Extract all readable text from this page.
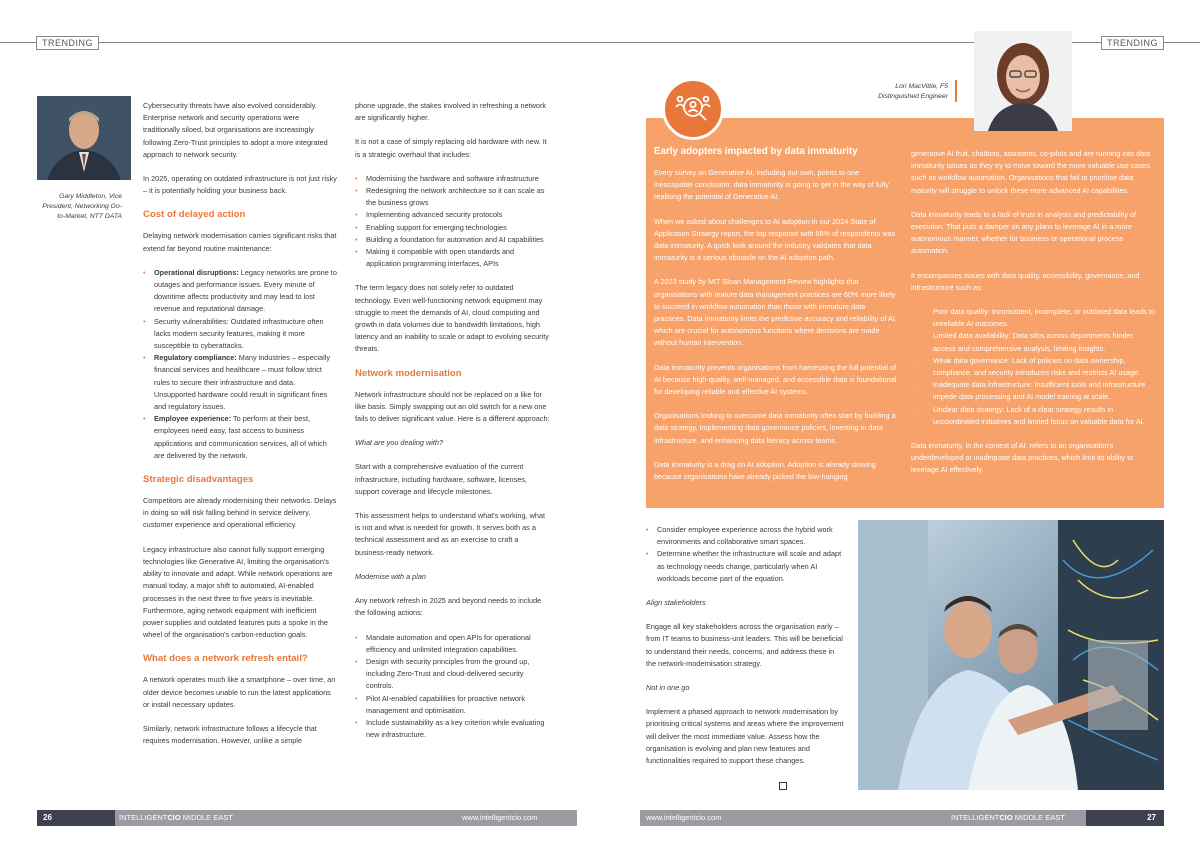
TRENDING	TRENDING
Gary Middleton, Vice President, Networking Go-to-Market, NTT DATA

Cybersecurity threats have also evolved considerably. Enterprise network and security operations were traditionally siloed, but organisations are increasingly following Zero-Trust principles to adopt a more integrated approach to network security.

In 2025, operating on outdated infrastructure is not just risky – it is potentially holding your business back.

Cost of delayed action

Delaying network modernisation carries significant risks that extend far beyond routine maintenance:

• Operational disruptions: Legacy networks are prone to outages and performance issues. Every minute of downtime affects productivity and may lead to lost revenue and reputational damage.
• Security vulnerabilities: Outdated infrastructure often lacks modern security features, making it more susceptible to cyberattacks.
• Regulatory compliance: Many industries – especially financial services and healthcare – must follow strict rules to secure their infrastructure and data. Unsupported hardware could result in significant fines and regulatory issues.
• Employee experience: To perform at their best, employees need easy, fast access to business applications and communication services, all of which are delivered by the network.

Strategic disadvantages

Competitors are already modernising their networks. Delays in doing so will risk falling behind in service delivery, customer experience and operational efficiency.

Legacy infrastructure also cannot fully support emerging technologies like Generative AI, limiting the organisation's ability to innovate and adapt. While network operations are manual today, a major shift to automated, AI-enabled processes in the next three to five years is inevitable. Furthermore, aging network equipment with inefficient power supplies and outdated features puts a spoke in the wheel of the organisation's carbon-reduction goals.

What does a network refresh entail?

A network operates much like a smartphone – over time, an older device becomes unable to run the latest applications or install necessary updates.

Similarly, network infrastructure follows a lifecycle that requires modernisation. However, unlike a simple

phone upgrade, the stakes involved in refreshing a network are significantly higher.

It is not a case of simply replacing old hardware with new. It is a strategic overhaul that includes:

• Modernising the hardware and software infrastructure
• Redesigning the network architecture so it can scale as the business grows
• Implementing advanced security protocols
• Enabling support for emerging technologies
• Building a foundation for automation and AI capabilities
• Making it compatible with open standards and application programming interfaces, APIs

The term legacy does not solely refer to outdated technology. Even well-functioning network equipment may struggle to meet the demands of AI, cloud computing and growth in data volumes due to bandwidth limitations, high latency and an inability to scale or adapt to evolving security threats.

Network modernisation

Network infrastructure should not be replaced on a like for like basis. Simply swapping out an old switch for a new one fails to deliver significant value. Here is a different approach:

What are you dealing with?

Start with a comprehensive evaluation of the current infrastructure, including hardware, software, licenses, support coverage and lifecycle milestones.

This assessment helps to understand what's working, what is not and what is needed for growth. It serves both as a technical assessment and as an exercise to craft a business-ready network.

Modernise with a plan

Any network refresh in 2025 and beyond needs to include the following actions:

• Mandate automation and open APIs for operational efficiency and unlimited integration capabilities.
• Design with security principles from the ground up, including Zero-Trust and cloud-delivered security controls.
• Pilot AI-enabled capabilities for proactive network management and optimisation.
• Include sustainability as a key criterion while evaluating new infrastructure.

Early adopters impacted by data immaturity

Every survey on Generative AI, including our own, points to one inescapable conclusion: data immaturity is going to get in the way of fully realising the potential of Generative AI.

When we asked about challenges to AI adoption in our 2024 State of Application Strategy report, the top response with 56% of respondents was data immaturity. A quick look around the industry validates that data immaturity is a serious obstacle on the AI adoption path.

A 2023 study by MIT Sloan Management Review highlights that organisations with mature data management practices are 60% more likely to succeed in workflow automation than those with immature data practices. Data immaturity limits the predictive accuracy and reliability of AI, which are crucial for autonomous functions where decisions are made without human intervention.

Data immaturity prevents organisations from harnessing the full potential of AI because high-quality, well-managed, and accessible data is foundational for developing reliable and effective AI systems.

Organisations looking to overcome data immaturity often start by building a data strategy, implementing data governance policies, investing in data infrastructure, and enhancing data literacy across teams.

Data immaturity is a drag on AI adoption. Adoption is already slowing because organisations have already picked the low-hanging

generative AI fruit, chatbots, assistants, co-pilots and are running into data immaturity issues as they try to move toward the more valuable use cases such as workflow automation. Organisations that fail to prioritise data maturity will struggle to unlock these more advanced AI capabilities.

Data immaturity leads to a lack of trust in analysis and predictability of execution. That puts a damper on any plans to leverage AI in a more autonomous manner, whether for business or operational process automation.

It encompasses issues with data quality, accessibility, governance, and infrastructure such as:

· Poor data quality: Inconsistent, incomplete, or outdated data leads to unreliable AI outcomes.
· Limited data availability: Data silos across departments hinder access and comprehensive analysis, limiting insights.
· Weak data governance: Lack of policies on data ownership, compliance, and security introduces risks and restricts AI usage.
· Inadequate data infrastructure: Insufficient tools and infrastructure impede data processing and AI model training at scale.
· Unclear data strategy: Lack of a clear strategy results in uncoordinated initiatives and limited focus on valuable data for AI.

Data immaturity, in the context of AI, refers to an organisation's underdeveloped or inadequate data practices, which limit its ability to leverage AI effectively.

Lori MacVittie, F5
Distinguished Engineer
• Consider employee experience across the hybrid work environments and collaborative smart spaces.
• Determine whether the infrastructure will scale and adapt as technology needs change, particularly when AI workloads become part of the equation.

Align stakeholders

Engage all key stakeholders across the organisation early – from IT teams to business-unit leaders. This will be beneficial to understand their needs, concerns, and address these in the network-modernisation strategy.

Not in one go

Implement a phased approach to network modernisation by prioritising critical systems and areas where the improvement will deliver the most immediate value. Assess how the organisation is evolving and plan new features and functionalities required to support these changes.

26	INTELLIGENTCIO MIDDLE EAST	www.intelligentcio.com	www.intelligentcio.com	INTELLIGENTCIO MIDDLE EAST	27
